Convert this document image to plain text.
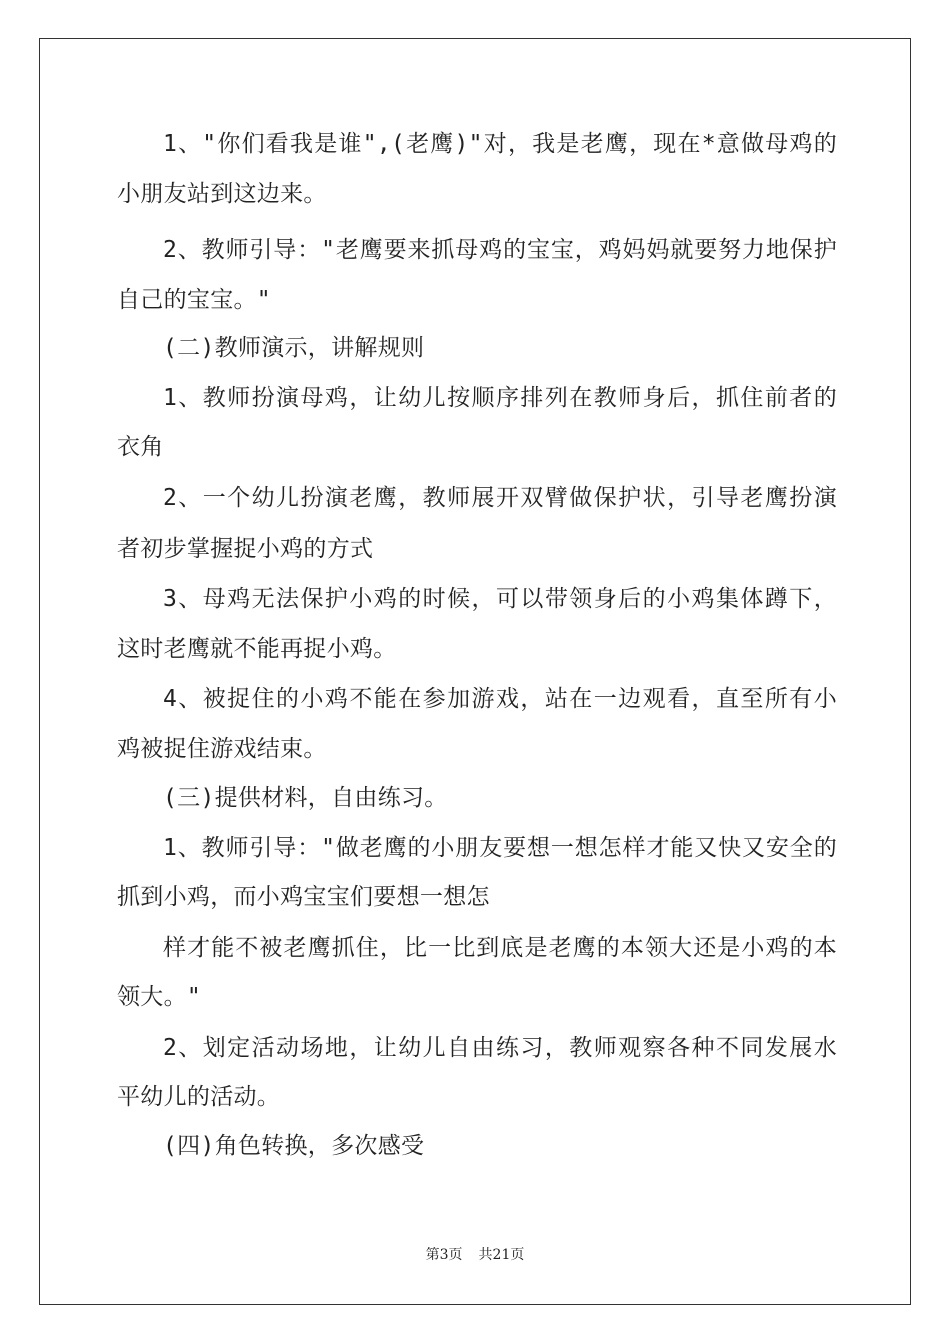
1、"你们看我是谁",(老鹰)"对，我是老鹰，现在*意做母鸡的
小朋友站到这边来。
2、教师引导："老鹰要来抓母鸡的宝宝，鸡妈妈就要努力地保护
自己的宝宝。"
(二)教师演示，讲解规则
1、教师扮演母鸡，让幼儿按顺序排列在教师身后，抓住前者的
衣角
2、一个幼儿扮演老鹰，教师展开双臂做保护状，引导老鹰扮演
者初步掌握捉小鸡的方式
3、母鸡无法保护小鸡的时候，可以带领身后的小鸡集体蹲下，
这时老鹰就不能再捉小鸡。
4、被捉住的小鸡不能在参加游戏，站在一边观看，直至所有小
鸡被捉住游戏结束。
(三)提供材料，自由练习。
1、教师引导："做老鹰的小朋友要想一想怎样才能又快又安全的
抓到小鸡，而小鸡宝宝们要想一想怎
样才能不被老鹰抓住，比一比到底是老鹰的本领大还是小鸡的本
领大。"
2、划定活动场地，让幼儿自由练习，教师观察各种不同发展水
平幼儿的活动。
(四)角色转换，多次感受
第3页 共21页
